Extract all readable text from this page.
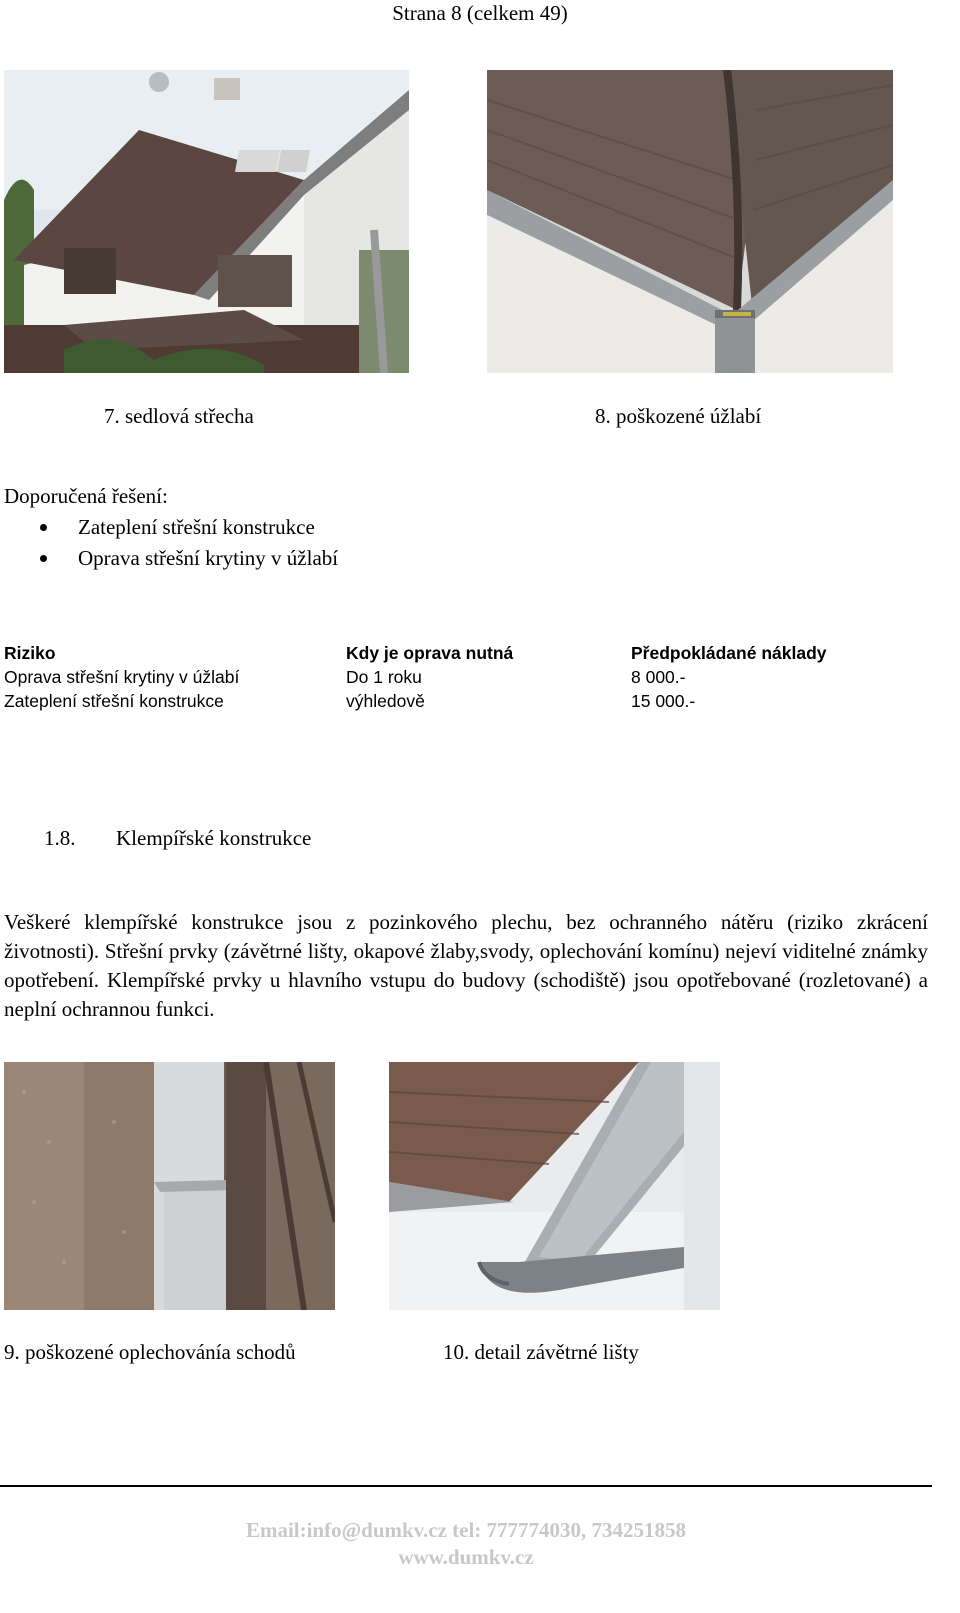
Strana 8 (celkem 49)
7. sedlová střecha	8. poškozené úžlabí
Doporučená řešení:
Zateplení střešní konstrukce
Oprava střešní krytiny v úžlabí
Riziko	Kdy je oprava nutná	Předpokládané náklady
Oprava střešní krytiny v úžlabí	Do 1 roku	8 000.-
Zateplení střešní konstrukce	výhledově	15 000.-
1.8. Klempířské konstrukce
Veškeré klempířské konstrukce jsou z pozinkového plechu, bez ochranného nátěru (riziko zkrácení životnosti). Střešní prvky (závětrné lišty, okapové žlaby,svody, oplechování komínu) nejeví viditelné známky opotřebení. Klempířské prvky u hlavního vstupu do budovy (schodiště) jsou opotřebované (rozletované) a neplní ochrannou funkci.
9. poškozené oplechovánía schodů	10. detail závětrné lišty
Email:info@dumkv.cz tel: 777774030, 734251858
www.dumkv.cz
